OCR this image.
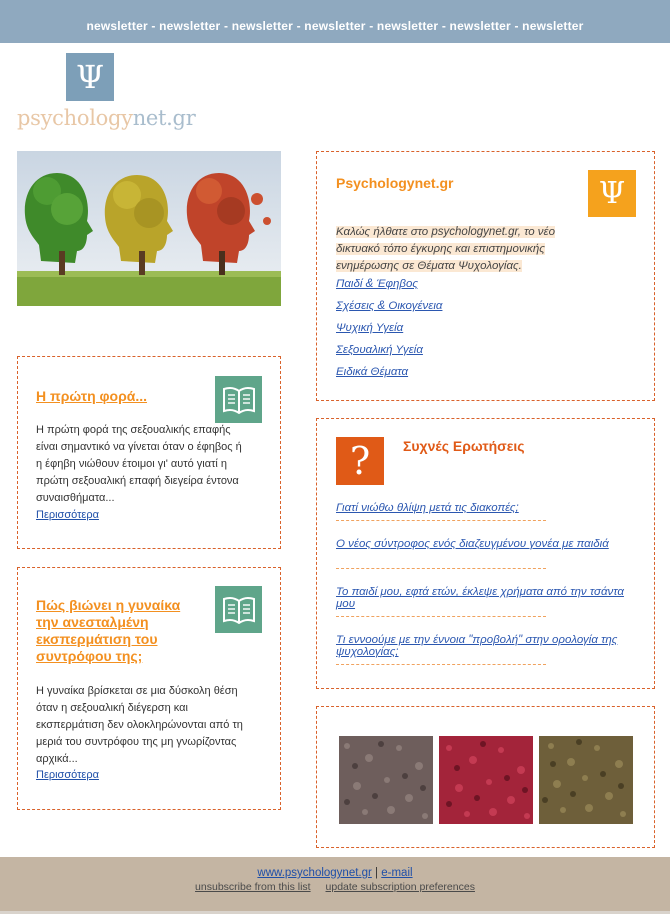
newsletter - newsletter - newsletter - newsletter - newsletter - newsletter - newsletter
Ψ
psychologynet.gr
Η πρώτη φορά...
Η πρώτη φορά της σεξουαλικής επαφής είναι σημαντικό να γίνεται όταν ο έφηβος ή η έφηβη νιώθουν έτοιμοι γι' αυτό γιατί η πρώτη σεξουαλική επαφή διεγείρα έντονα συναισθήματα...
Περισσότερα
Πώς βιώνει η γυναίκα την ανεσταλμένη εκσπερμάτιση του συντρόφου της;
Η γυναίκα βρίσκεται σε μια δύσκολη θέση όταν η σεξουαλική διέγερση και εκσπερμάτιση δεν ολοκληρώνονται από τη μεριά του συντρόφου της μη γνωρίζοντας αρχικά...
Περισσότερα
Psychologynet.gr	Ψ
Καλώς ήλθατε στο psychologynet.gr, το νέο δικτυακό τόπο έγκυρης και επιστημονικής ενημέρωσης σε Θέματα Ψυχολογίας.
Παιδί & Έφηβος
Σχέσεις & Οικογένεια
Ψυχική Υγεία
Σεξουαλική Υγεία
Ειδικά Θέματα
? Συχνές Ερωτήσεις
Γιατί νιώθω θλίψη μετά τις διακοπές;
Ο νέος σύντροφος ενός διαζευγμένου γονέα με παιδιά
Το παιδί μου, εφτά ετών, έκλεψε χρήματα από την τσάντα μου
Τι εννοούμε με την έννοια "προβολή" στην ορολογία της ψυχολογίας;
www.psychologynet.gr | e-mail
unsubscribe from this list update subscription preferences
